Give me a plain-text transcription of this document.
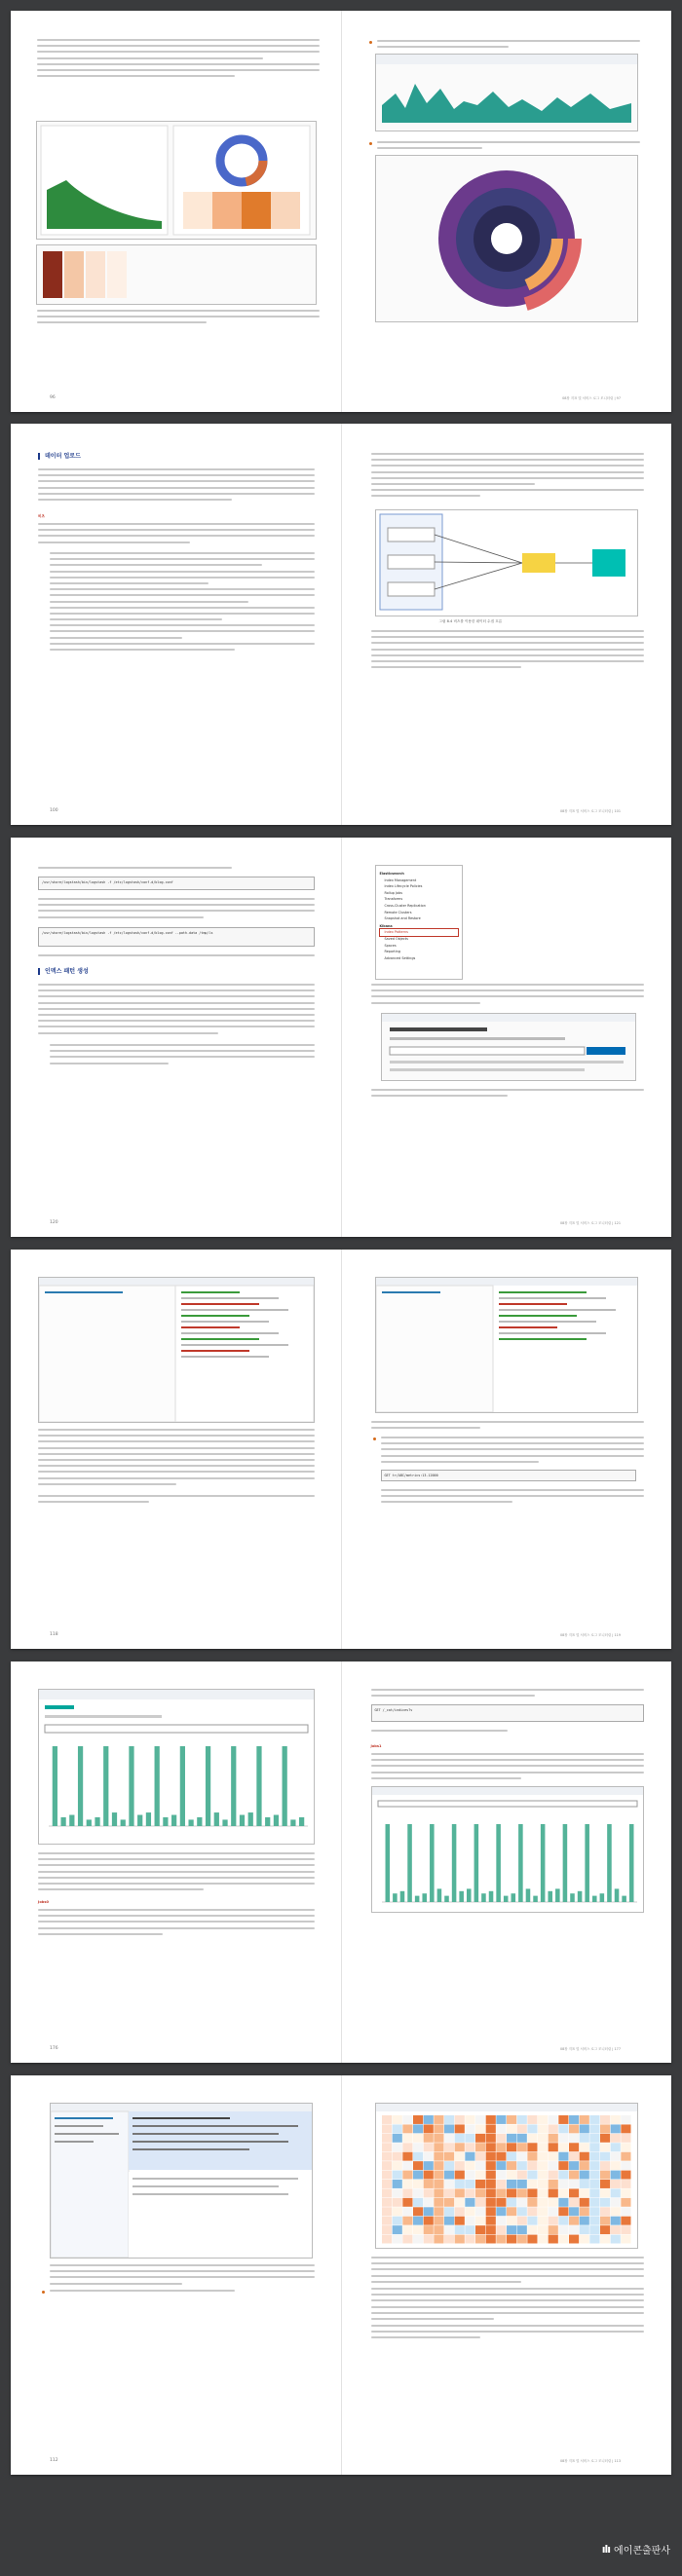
96	08장 지표 및 서비스 로그 모니터링 | 97
데이터 업로드
비츠
100
그림 8.4 비츠를 이용한 데이터 수집 흐름
08장 지표 및 서비스 로그 모니터링 | 101
/usr/share/logstash/bin/logstash -f /etc/logstash/conf.d/blog.conf
/usr/share/logstash/bin/logstash -f /etc/logstash/conf.d/blog.conf --path.data /tmp/ls
인덱스 패턴 생성
120
Elasticsearch
Index Management
Index Lifecycle Policies
Rollup Jobs
Transforms
Cross-Cluster Replication
Remote Clusters
Snapshot and Restore
Kibana
Index Patterns
Saved Objects
Spaces
Reporting
Advanced Settings
08장 지표 및 서비스 로그 모니터링 | 121
118
GET tr/ABC/metrics:13.12000
08장 지표 및 서비스 로그 모니터링 | 119
Jobs0
176
GET /_cat/indices?v
Jobs1
08장 지표 및 서비스 로그 모니터링 | 177
112	08장 지표 및 서비스 로그 모니터링 | 113
ılı 에이콘출판사
